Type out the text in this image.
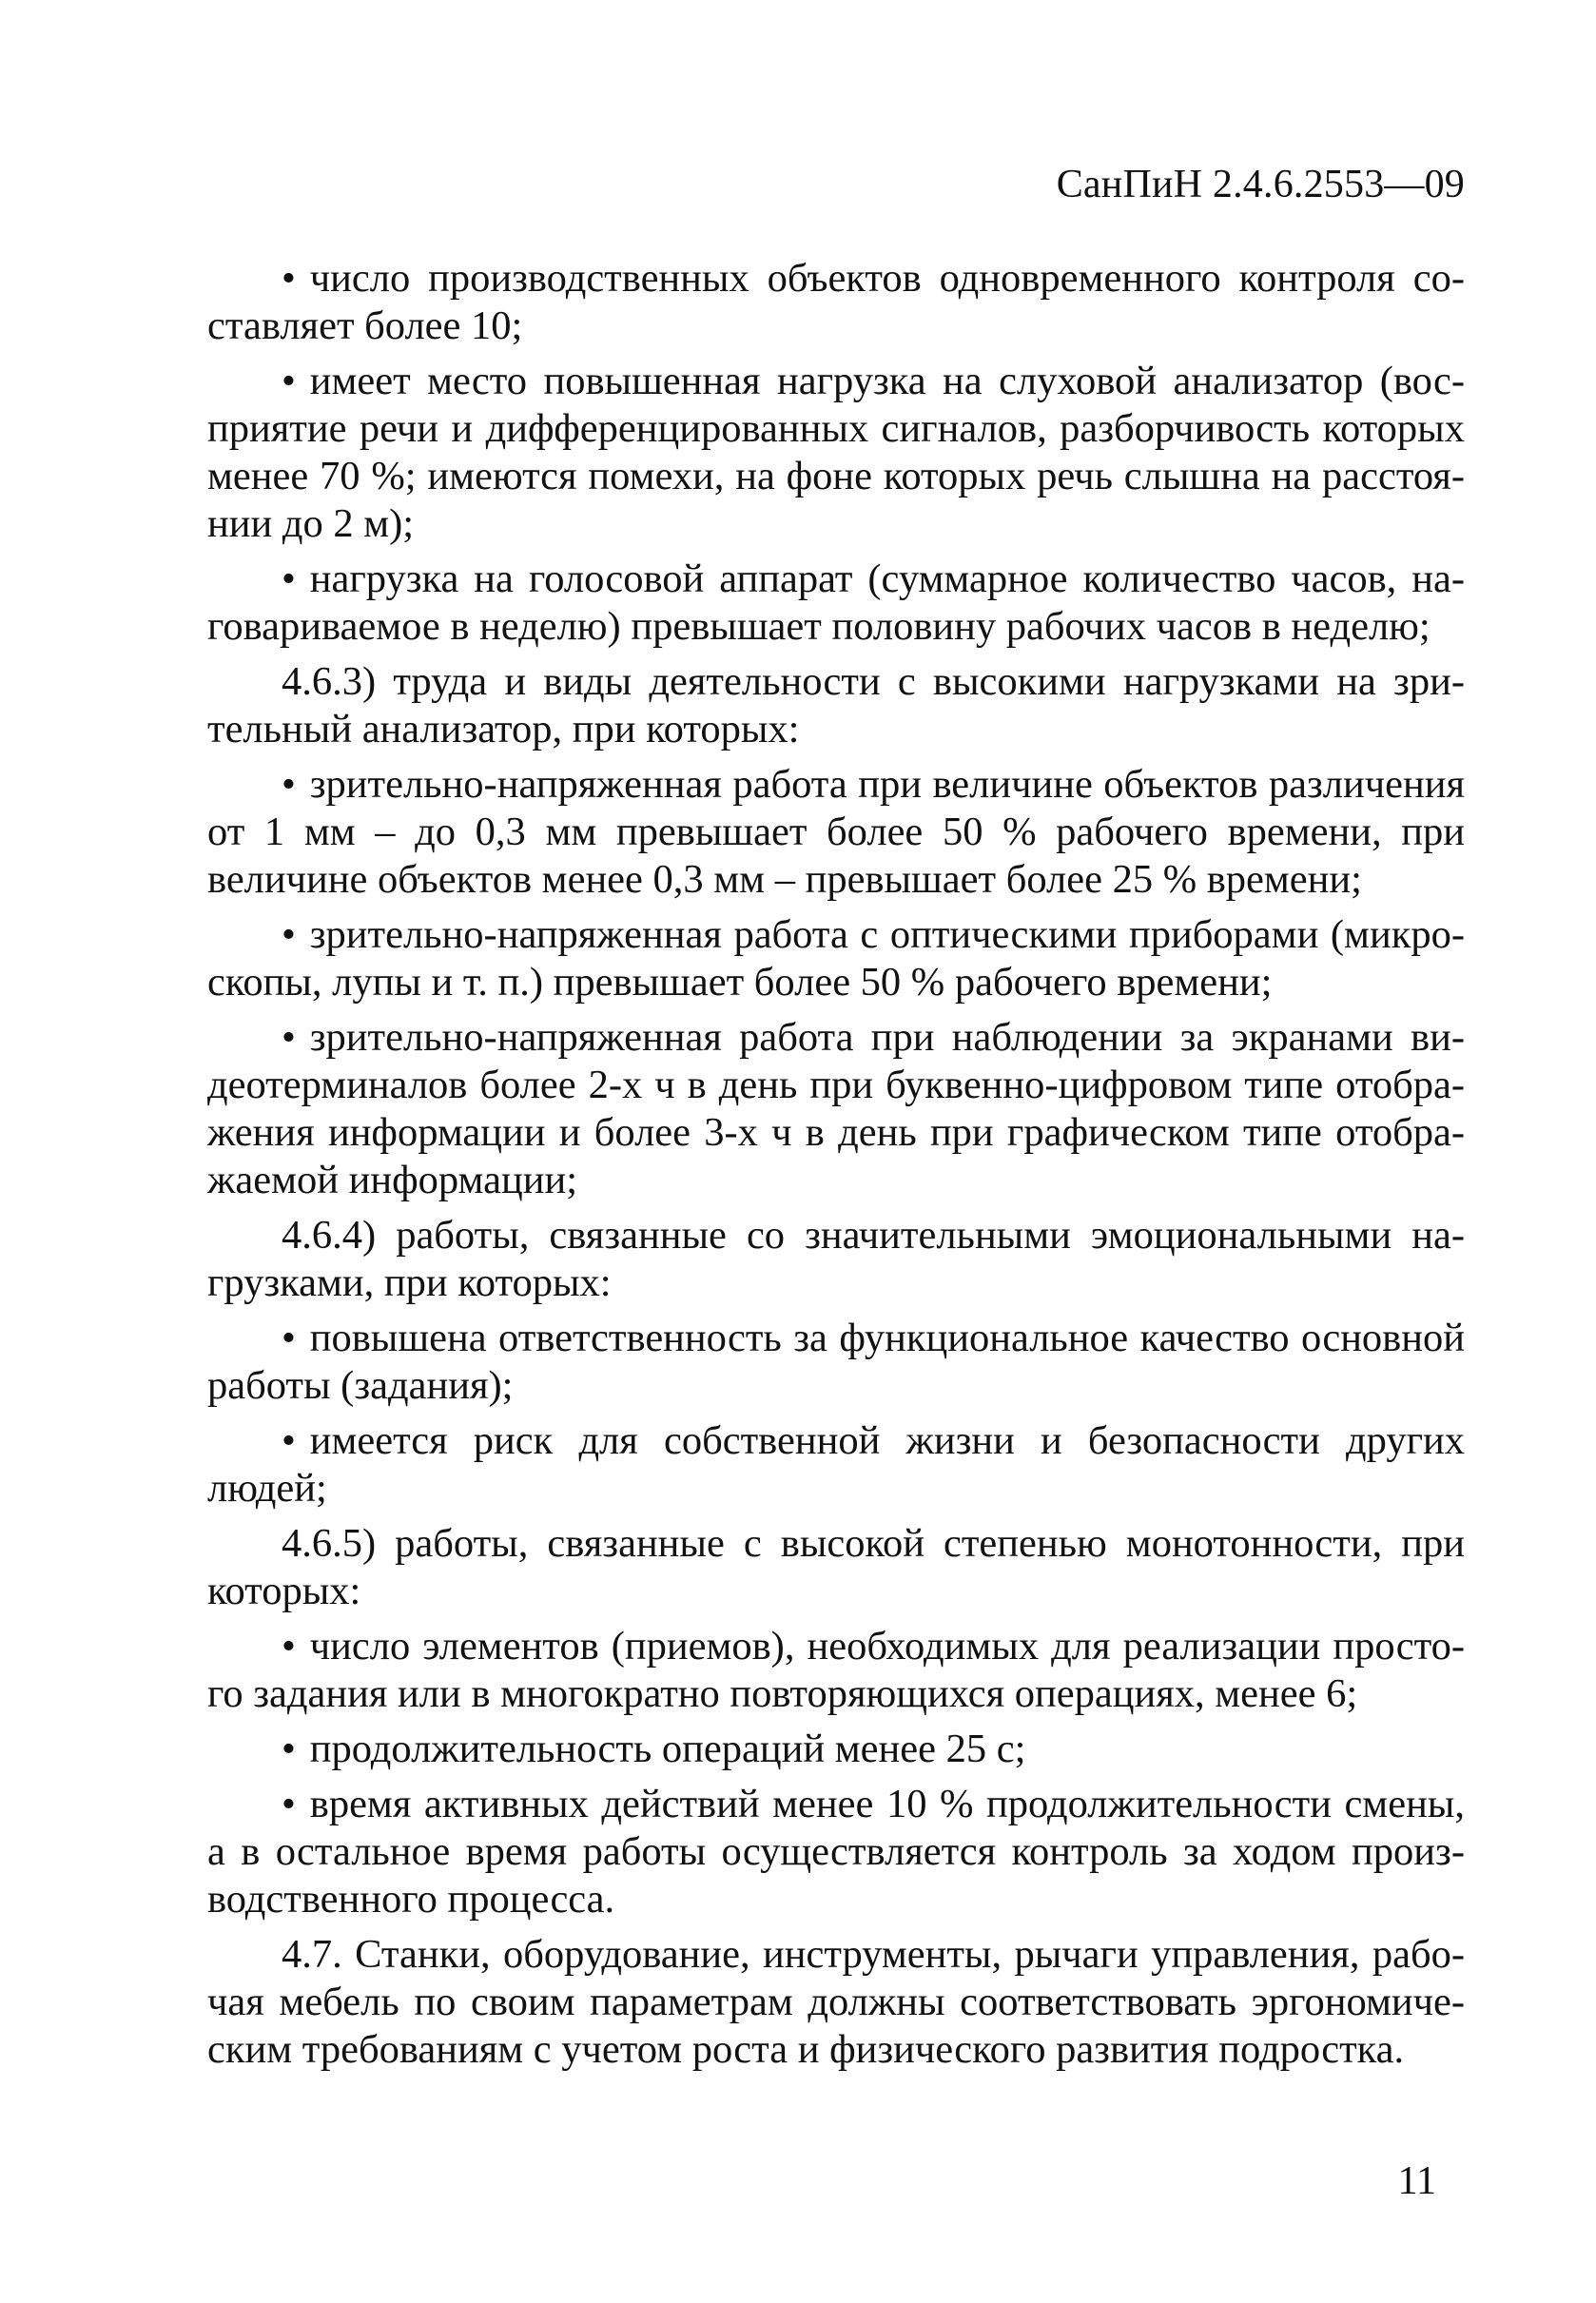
СанПиН 2.4.6.2553—09

• число производственных объектов одновременного контроля составляет более 10;

• имеет место повышенная нагрузка на слуховой анализатор (восприятие речи и дифференцированных сигналов, разборчивость которых менее 70 %; имеются помехи, на фоне которых речь слышна на расстоянии до 2 м);

• нагрузка на голосовой аппарат (суммарное количество часов, наговариваемое в неделю) превышает половину рабочих часов в неделю;

4.6.3) труда и виды деятельности с высокими нагрузками на зрительный анализатор, при которых:

• зрительно-напряженная работа при величине объектов различения от 1 мм – до 0,3 мм превышает более 50 % рабочего времени, при величине объектов менее 0,3 мм – превышает более 25 % времени;

• зрительно-напряженная работа с оптическими приборами (микроскопы, лупы и т. п.) превышает более 50 % рабочего времени;

• зрительно-напряженная работа при наблюдении за экранами видеотерминалов более 2-х ч в день при буквенно-цифровом типе отображения информации и более 3-х ч в день при графическом типе отображаемой информации;

4.6.4) работы, связанные со значительными эмоциональными нагрузками, при которых:

• повышена ответственность за функциональное качество основной работы (задания);

• имеется риск для собственной жизни и безопасности других людей;

4.6.5) работы, связанные с высокой степенью монотонности, при которых:

• число элементов (приемов), необходимых для реализации простого задания или в многократно повторяющихся операциях, менее 6;

• продолжительность операций менее 25 с;

• время активных действий менее 10 % продолжительности смены, а в остальное время работы осуществляется контроль за ходом производственного процесса.

4.7. Станки, оборудование, инструменты, рычаги управления, рабочая мебель по своим параметрам должны соответствовать эргономическим требованиям с учетом роста и физического развития подростка.

11
